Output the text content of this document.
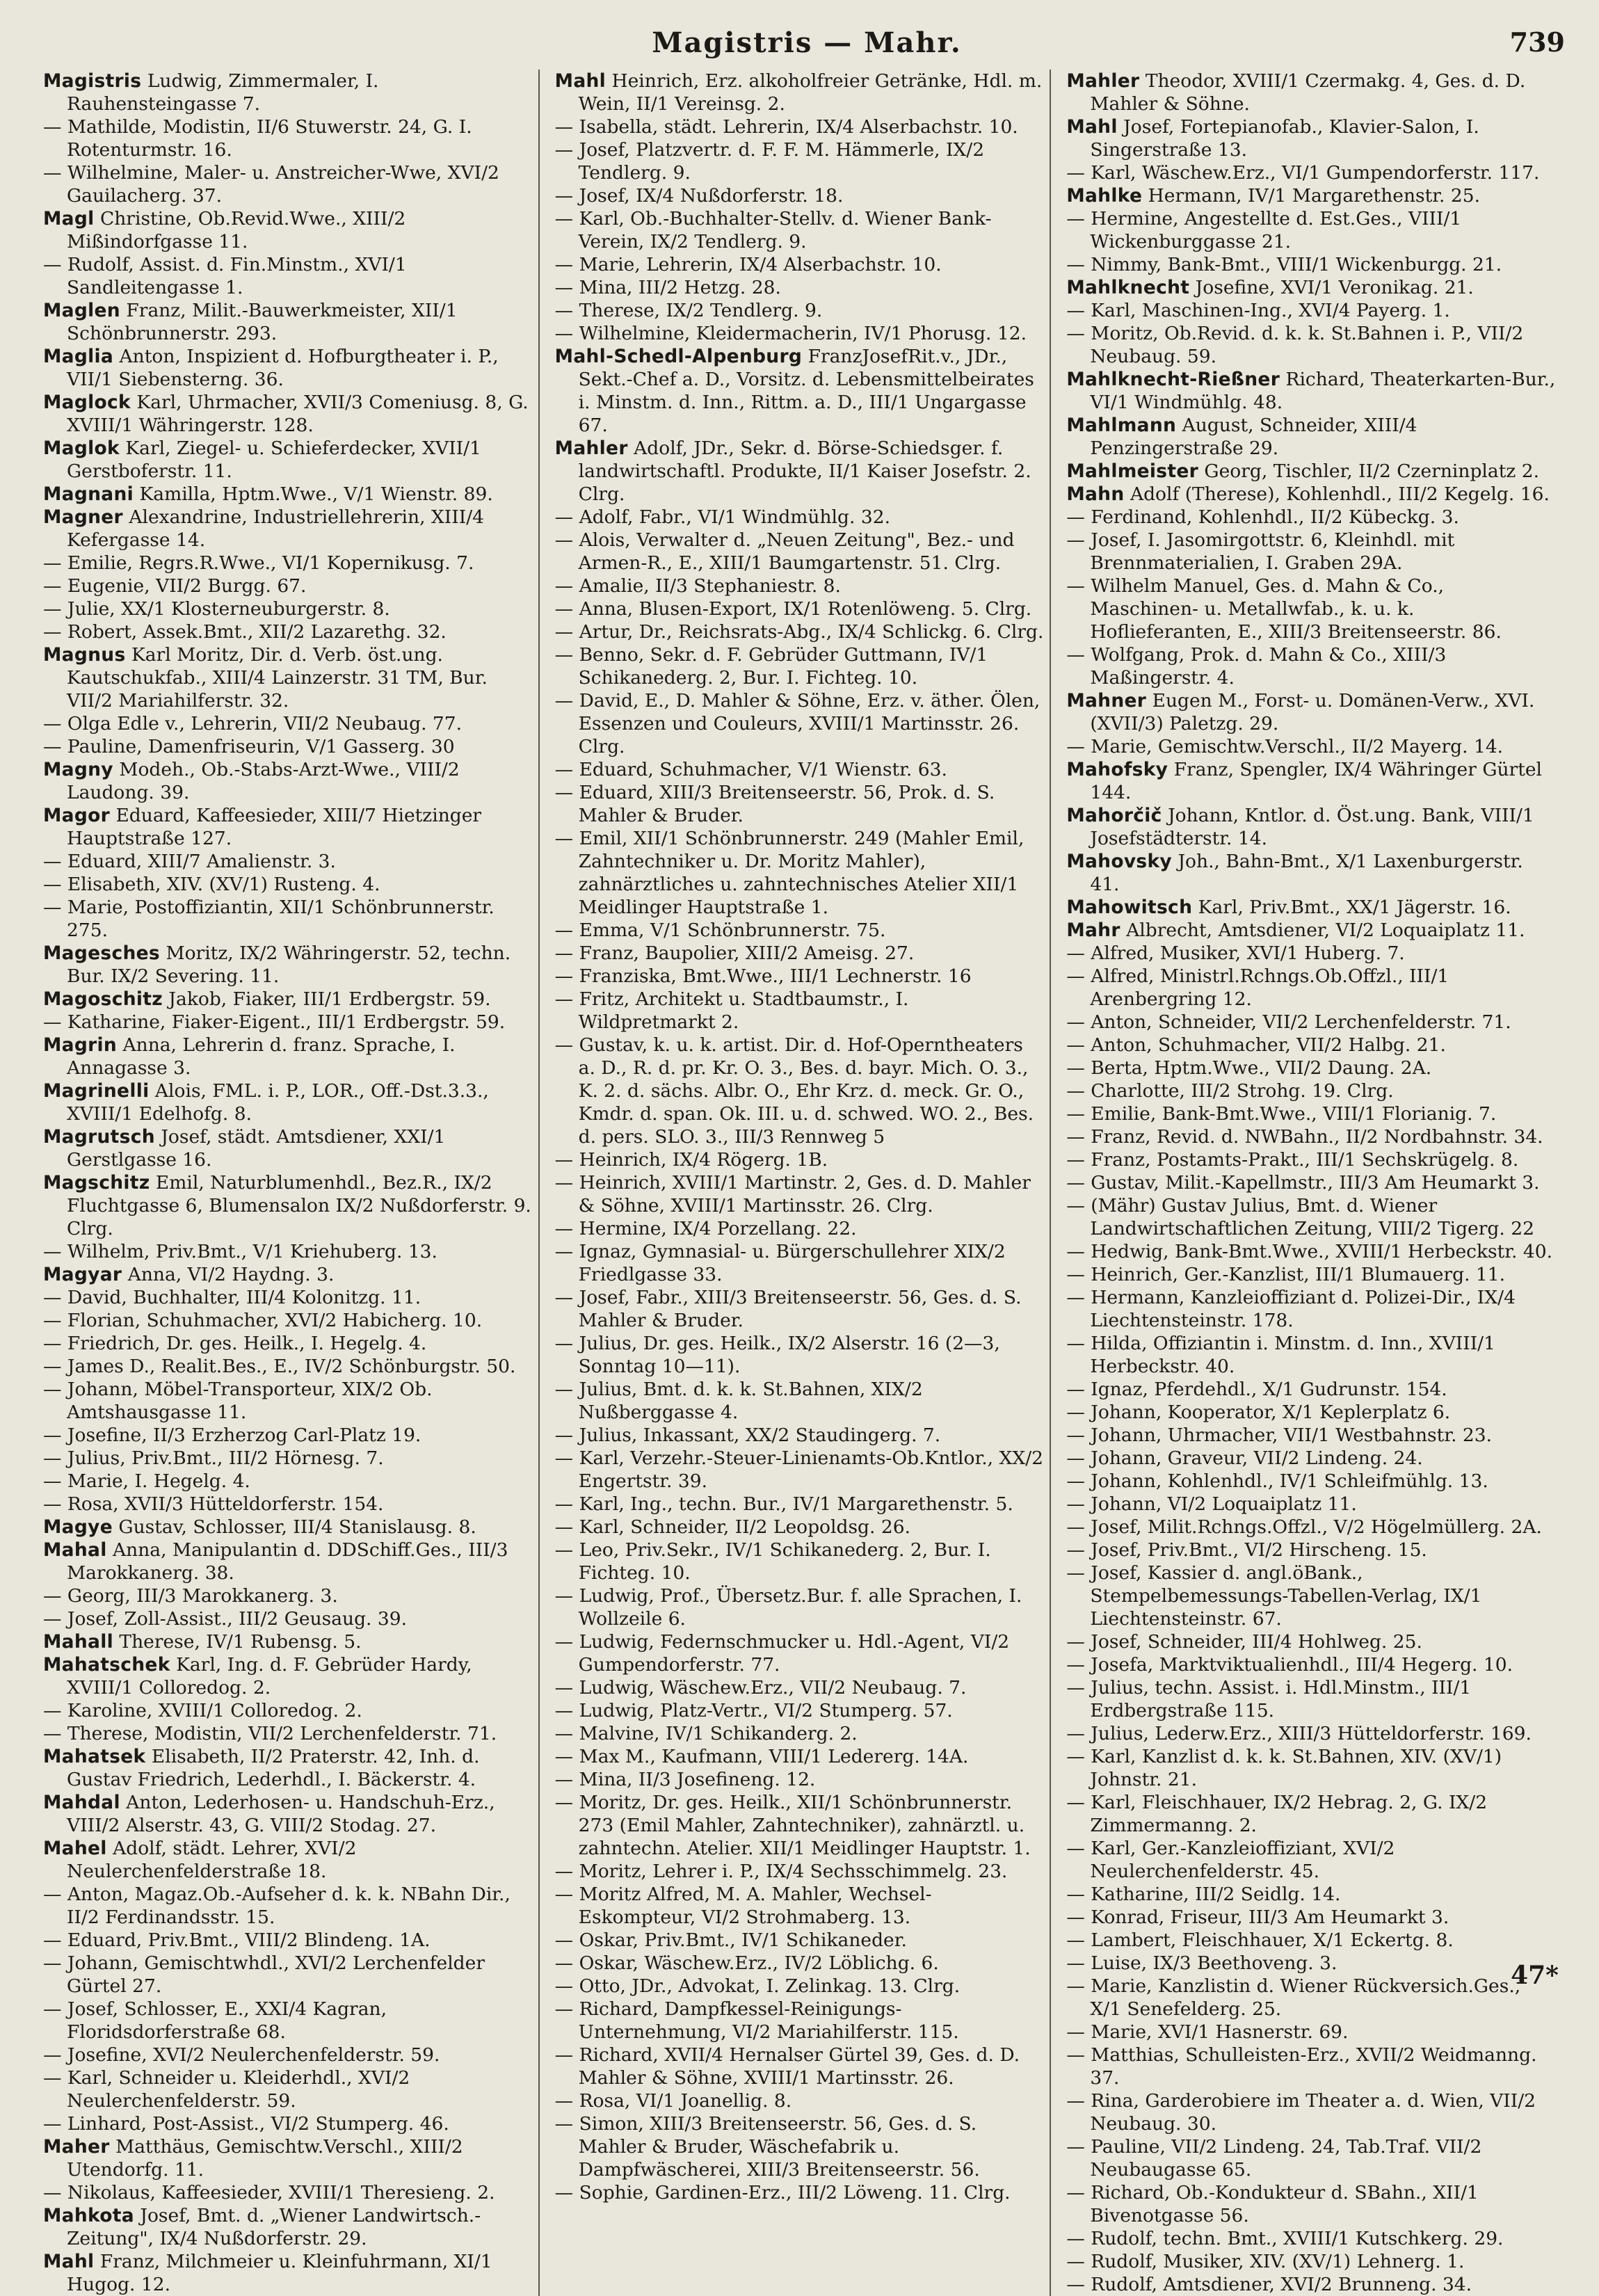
Magistris — Mahr.	739

Magistris Ludwig, Zimmermaler, I. Rauhensteingasse 7.

— Mathilde, Modistin, II/6 Stuwerstr. 24, G. I. Rotenturmstr. 16.

— Wilhelmine, Maler- u. Anstreicher-Wwe, XVI/2 Gauilacherg. 37.

Magl Christine, Ob.Revid.Wwe., XIII/2 Mißindorfgasse 11.

— Rudolf, Assist. d. Fin.Minstm., XVI/1 Sandleitengasse 1.

Maglen Franz, Milit.-Bauwerkmeister, XII/1 Schönbrunnerstr. 293.

Maglia Anton, Inspizient d. Hofburgtheater i. P., VII/1 Siebensterng. 36.

Maglock Karl, Uhrmacher, XVII/3 Comeniusg. 8, G. XVIII/1 Währingerstr. 128.

Maglok Karl, Ziegel- u. Schieferdecker, XVII/1 Gerstboferstr. 11.

Magnani Kamilla, Hptm.Wwe., V/1 Wienstr. 89.

Magner Alexandrine, Industriellehrerin, XIII/4 Kefergasse 14.

— Emilie, Regrs.R.Wwe., VI/1 Kopernikusg. 7.

— Eugenie, VII/2 Burgg. 67.

— Julie, XX/1 Klosterneuburgerstr. 8.

— Robert, Assek.Bmt., XII/2 Lazarethg. 32.

Magnus Karl Moritz, Dir. d. Verb. öst.ung. Kautschukfab., XIII/4 Lainzerstr. 31 TM, Bur. VII/2 Mariahilferstr. 32.

— Olga Edle v., Lehrerin, VII/2 Neubaug. 77.

— Pauline, Damenfriseurin, V/1 Gasserg. 30

Magny Modeh., Ob.-Stabs-Arzt-Wwe., VIII/2 Laudong. 39.

Magor Eduard, Kaffeesieder, XIII/7 Hietzinger Hauptstraße 127.

— Eduard, XIII/7 Amalienstr. 3.

— Elisabeth, XIV. (XV/1) Rusteng. 4.

— Marie, Postoffiziantin, XII/1 Schönbrunnerstr. 275.

Magesches Moritz, IX/2 Währingerstr. 52, techn. Bur. IX/2 Severing. 11.

Magoschitz Jakob, Fiaker, III/1 Erdbergstr. 59.

— Katharine, Fiaker-Eigent., III/1 Erdbergstr. 59.

Magrin Anna, Lehrerin d. franz. Sprache, I. Annagasse 3.

Magrinelli Alois, FML. i. P., LOR., Off.-Dst.3.3., XVIII/1 Edelhofg. 8.

Magrutsch Josef, städt. Amtsdiener, XXI/1 Gerstlgasse 16.

Magschitz Emil, Naturblumenhdl., Bez.R., IX/2 Fluchtgasse 6, Blumensalon IX/2 Nußdorferstr. 9. Clrg.

— Wilhelm, Priv.Bmt., V/1 Kriehuberg. 13.

Magyar Anna, VI/2 Haydng. 3.

— David, Buchhalter, III/4 Kolonitzg. 11.

— Florian, Schuhmacher, XVI/2 Habicherg. 10.

— Friedrich, Dr. ges. Heilk., I. Hegelg. 4.

— James D., Realit.Bes., E., IV/2 Schönburgstr. 50.

— Johann, Möbel-Transporteur, XIX/2 Ob. Amtshausgasse 11.

— Josefine, II/3 Erzherzog Carl-Platz 19.

— Julius, Priv.Bmt., III/2 Hörnesg. 7.

— Marie, I. Hegelg. 4.

— Rosa, XVII/3 Hütteldorferstr. 154.

Magye Gustav, Schlosser, III/4 Stanislausg. 8.

Mahal Anna, Manipulantin d. DDSchiff.Ges., III/3 Marokkanerg. 38.

— Georg, III/3 Marokkanerg. 3.

— Josef, Zoll-Assist., III/2 Geusaug. 39.

Mahall Therese, IV/1 Rubensg. 5.

Mahatschek Karl, Ing. d. F. Gebrüder Hardy, XVIII/1 Colloredog. 2.

— Karoline, XVIII/1 Colloredog. 2.

— Therese, Modistin, VII/2 Lerchenfelderstr. 71.

Mahatsek Elisabeth, II/2 Praterstr. 42, Inh. d. Gustav Friedrich, Lederhdl., I. Bäckerstr. 4.

Mahdal Anton, Lederhosen- u. Handschuh-Erz., VIII/2 Alserstr. 43, G. VIII/2 Stodag. 27.

Mahel Adolf, städt. Lehrer, XVI/2 Neulerchenfelderstraße 18.

— Anton, Magaz.Ob.-Aufseher d. k. k. NBahn Dir., II/2 Ferdinandsstr. 15.

— Eduard, Priv.Bmt., VIII/2 Blindeng. 1A.

— Johann, Gemischtwhdl., XVI/2 Lerchenfelder Gürtel 27.

— Josef, Schlosser, E., XXI/4 Kagran, Floridsdorferstraße 68.

— Josefine, XVI/2 Neulerchenfelderstr. 59.

— Karl, Schneider u. Kleiderhdl., XVI/2 Neulerchenfelderstr. 59.

— Linhard, Post-Assist., VI/2 Stumperg. 46.

Maher Matthäus, Gemischtw.Verschl., XIII/2 Utendorfg. 11.

— Nikolaus, Kaffeesieder, XVIII/1 Theresieng. 2.

Mahkota Josef, Bmt. d. „Wiener Landwirtsch.-Zeitung", IX/4 Nußdorferstr. 29.

Mahl Franz, Milchmeier u. Kleinfuhrmann, XI/1 Hugog. 12.

Mahl Heinrich, Erz. alkoholfreier Getränke, Hdl. m. Wein, II/1 Vereinsg. 2.

— Isabella, städt. Lehrerin, IX/4 Alserbachstr. 10.

— Josef, Platzvertr. d. F. F. M. Hämmerle, IX/2 Tendlerg. 9.

— Josef, IX/4 Nußdorferstr. 18.

— Karl, Ob.-Buchhalter-Stellv. d. Wiener Bank-Verein, IX/2 Tendlerg. 9.

— Marie, Lehrerin, IX/4 Alserbachstr. 10.

— Mina, III/2 Hetzg. 28.

— Therese, IX/2 Tendlerg. 9.

— Wilhelmine, Kleidermacherin, IV/1 Phorusg. 12.

Mahl-Schedl-Alpenburg FranzJosefRit.v., JDr., Sekt.-Chef a. D., Vorsitz. d. Lebensmittelbeirates i. Minstm. d. Inn., Rittm. a. D., III/1 Ungargasse 67.

Mahler Adolf, JDr., Sekr. d. Börse-Schiedsger. f. landwirtschaftl. Produkte, II/1 Kaiser Josefstr. 2. Clrg.

— Adolf, Fabr., VI/1 Windmühlg. 32.

— Alois, Verwalter d. „Neuen Zeitung", Bez.- und Armen-R., E., XIII/1 Baumgartenstr. 51. Clrg.

— Amalie, II/3 Stephaniestr. 8.

— Anna, Blusen-Export, IX/1 Rotenlöweng. 5. Clrg.

— Artur, Dr., Reichsrats-Abg., IX/4 Schlickg. 6. Clrg.

— Benno, Sekr. d. F. Gebrüder Guttmann, IV/1 Schikanederg. 2, Bur. I. Fichteg. 10.

— David, E., D. Mahler & Söhne, Erz. v. äther. Ölen, Essenzen und Couleurs, XVIII/1 Martinsstr. 26. Clrg.

— Eduard, Schuhmacher, V/1 Wienstr. 63.

— Eduard, XIII/3 Breitenseerstr. 56, Prok. d. S. Mahler & Bruder.

— Emil, XII/1 Schönbrunnerstr. 249 (Mahler Emil, Zahntechniker u. Dr. Moritz Mahler), zahnärztliches u. zahntechnisches Atelier XII/1 Meidlinger Hauptstraße 1.

— Emma, V/1 Schönbrunnerstr. 75.

— Franz, Baupolier, XIII/2 Ameisg. 27.

— Franziska, Bmt.Wwe., III/1 Lechnerstr. 16

— Fritz, Architekt u. Stadtbaumstr., I. Wildpretmarkt 2.

— Gustav, k. u. k. artist. Dir. d. Hof-Operntheaters a. D., R. d. pr. Kr. O. 3., Bes. d. bayr. Mich. O. 3., K. 2. d. sächs. Albr. O., Ehr Krz. d. meck. Gr. O., Kmdr. d. span. Ok. III. u. d. schwed. WO. 2., Bes. d. pers. SLO. 3., III/3 Rennweg 5

— Heinrich, IX/4 Rögerg. 1B.

— Heinrich, XVIII/1 Martinstr. 2, Ges. d. D. Mahler & Söhne, XVIII/1 Martinsstr. 26. Clrg.

— Hermine, IX/4 Porzellang. 22.

— Ignaz, Gymnasial- u. Bürgerschullehrer XIX/2 Friedlgasse 33.

— Josef, Fabr., XIII/3 Breitenseerstr. 56, Ges. d. S. Mahler & Bruder.

— Julius, Dr. ges. Heilk., IX/2 Alserstr. 16 (2—3, Sonntag 10—11).

— Julius, Bmt. d. k. k. St.Bahnen, XIX/2 Nußberggasse 4.

— Julius, Inkassant, XX/2 Staudingerg. 7.

— Karl, Verzehr.-Steuer-Linienamts-Ob.Kntlor., XX/2 Engertstr. 39.

— Karl, Ing., techn. Bur., IV/1 Margarethenstr. 5.

— Karl, Schneider, II/2 Leopoldsg. 26.

— Leo, Priv.Sekr., IV/1 Schikanederg. 2, Bur. I. Fichteg. 10.

— Ludwig, Prof., Übersetz.Bur. f. alle Sprachen, I. Wollzeile 6.

— Ludwig, Federnschmucker u. Hdl.-Agent, VI/2 Gumpendorferstr. 77.

— Ludwig, Wäschew.Erz., VII/2 Neubaug. 7.

— Ludwig, Platz-Vertr., VI/2 Stumperg. 57.

— Malvine, IV/1 Schikanderg. 2.

— Max M., Kaufmann, VIII/1 Ledererg. 14A.

— Mina, II/3 Josefineng. 12.

— Moritz, Dr. ges. Heilk., XII/1 Schönbrunnerstr. 273 (Emil Mahler, Zahntechniker), zahnärztl. u. zahntechn. Atelier. XII/1 Meidlinger Hauptstr. 1.

— Moritz, Lehrer i. P., IX/4 Sechsschimmelg. 23.

— Moritz Alfred, M. A. Mahler, Wechsel-Eskompteur, VI/2 Strohmaberg. 13.

— Oskar, Priv.Bmt., IV/1 Schikaneder.

— Oskar, Wäschew.Erz., IV/2 Löblichg. 6.

— Otto, JDr., Advokat, I. Zelinkag. 13. Clrg.

— Richard, Dampfkessel-Reinigungs-Unternehmung, VI/2 Mariahilferstr. 115.

— Richard, XVII/4 Hernalser Gürtel 39, Ges. d. D. Mahler & Söhne, XVIII/1 Martinsstr. 26.

— Rosa, VI/1 Joanellig. 8.

— Simon, XIII/3 Breitenseerstr. 56, Ges. d. S. Mahler & Bruder, Wäschefabrik u. Dampfwäscherei, XIII/3 Breitenseerstr. 56.

— Sophie, Gardinen-Erz., III/2 Löweng. 11. Clrg.

Mahler Theodor, XVIII/1 Czermakg. 4, Ges. d. D. Mahler & Söhne.

Mahl Josef, Fortepianofab., Klavier-Salon, I. Singerstraße 13.

— Karl, Wäschew.Erz., VI/1 Gumpendorferstr. 117.

Mahlke Hermann, IV/1 Margarethenstr. 25.

— Hermine, Angestellte d. Est.Ges., VIII/1 Wickenburggasse 21.

— Nimmy, Bank-Bmt., VIII/1 Wickenburgg. 21.

Mahlknecht Josefine, XVI/1 Veronikag. 21.

— Karl, Maschinen-Ing., XVI/4 Payerg. 1.

— Moritz, Ob.Revid. d. k. k. St.Bahnen i. P., VII/2 Neubaug. 59.

Mahlknecht-Rießner Richard, Theaterkarten-Bur., VI/1 Windmühlg. 48.

Mahlmann August, Schneider, XIII/4 Penzingerstraße 29.

Mahlmeister Georg, Tischler, II/2 Czerninplatz 2.

Mahn Adolf (Therese), Kohlenhdl., III/2 Kegelg. 16.

— Ferdinand, Kohlenhdl., II/2 Kübeckg. 3.

— Josef, I. Jasomirgottstr. 6, Kleinhdl. mit Brennmaterialien, I. Graben 29A.

— Wilhelm Manuel, Ges. d. Mahn & Co., Maschinen- u. Metallwfab., k. u. k. Hoflieferanten, E., XIII/3 Breitenseerstr. 86.

— Wolfgang, Prok. d. Mahn & Co., XIII/3 Maßingerstr. 4.

Mahner Eugen M., Forst- u. Domänen-Verw., XVI. (XVII/3) Paletzg. 29.

— Marie, Gemischtw.Verschl., II/2 Mayerg. 14.

Mahofsky Franz, Spengler, IX/4 Währinger Gürtel 144.

Mahorčič Johann, Kntlor. d. Öst.ung. Bank, VIII/1 Josefstädterstr. 14.

Mahovsky Joh., Bahn-Bmt., X/1 Laxenburgerstr. 41.

Mahowitsch Karl, Priv.Bmt., XX/1 Jägerstr. 16.

Mahr Albrecht, Amtsdiener, VI/2 Loquaiplatz 11.

— Alfred, Musiker, XVI/1 Huberg. 7.

— Alfred, Ministrl.Rchngs.Ob.Offzl., III/1 Arenbergring 12.

— Anton, Schneider, VII/2 Lerchenfelderstr. 71.

— Anton, Schuhmacher, VII/2 Halbg. 21.

— Berta, Hptm.Wwe., VII/2 Daung. 2A.

— Charlotte, III/2 Strohg. 19. Clrg.

— Emilie, Bank-Bmt.Wwe., VIII/1 Florianig. 7.

— Franz, Revid. d. NWBahn., II/2 Nordbahnstr. 34.

— Franz, Postamts-Prakt., III/1 Sechskrügelg. 8.

— Gustav, Milit.-Kapellmstr., III/3 Am Heumarkt 3.

— (Mähr) Gustav Julius, Bmt. d. Wiener Landwirtschaftlichen Zeitung, VIII/2 Tigerg. 22

— Hedwig, Bank-Bmt.Wwe., XVIII/1 Herbeckstr. 40.

— Heinrich, Ger.-Kanzlist, III/1 Blumauerg. 11.

— Hermann, Kanzleioffiziant d. Polizei-Dir., IX/4 Liechtensteinstr. 178.

— Hilda, Offiziantin i. Minstm. d. Inn., XVIII/1 Herbeckstr. 40.

— Ignaz, Pferdehdl., X/1 Gudrunstr. 154.

— Johann, Kooperator, X/1 Keplerplatz 6.

— Johann, Uhrmacher, VII/1 Westbahnstr. 23.

— Johann, Graveur, VII/2 Lindeng. 24.

— Johann, Kohlenhdl., IV/1 Schleifmühlg. 13.

— Johann, VI/2 Loquaiplatz 11.

— Josef, Milit.Rchngs.Offzl., V/2 Högelmüllerg. 2A.

— Josef, Priv.Bmt., VI/2 Hirscheng. 15.

— Josef, Kassier d. angl.öBank., Stempelbemessungs-Tabellen-Verlag, IX/1 Liechtensteinstr. 67.

— Josef, Schneider, III/4 Hohlweg. 25.

— Josefa, Marktviktualienhdl., III/4 Hegerg. 10.

— Julius, techn. Assist. i. Hdl.Minstm., III/1 Erdbergstraße 115.

— Julius, Lederw.Erz., XIII/3 Hütteldorferstr. 169.

— Karl, Kanzlist d. k. k. St.Bahnen, XIV. (XV/1) Johnstr. 21.

— Karl, Fleischhauer, IX/2 Hebrag. 2, G. IX/2 Zimmermanng. 2.

— Karl, Ger.-Kanzleioffiziant, XVI/2 Neulerchenfelderstr. 45.

— Katharine, III/2 Seidlg. 14.

— Konrad, Friseur, III/3 Am Heumarkt 3.

— Lambert, Fleischhauer, X/1 Eckertg. 8.

— Luise, IX/3 Beethoveng. 3.

— Marie, Kanzlistin d. Wiener Rückversich.Ges., X/1 Senefelderg. 25.

— Marie, XVI/1 Hasnerstr. 69.

— Matthias, Schulleisten-Erz., XVII/2 Weidmanng. 37.

— Rina, Garderobiere im Theater a. d. Wien, VII/2 Neubaug. 30.

— Pauline, VII/2 Lindeng. 24, Tab.Traf. VII/2 Neubaugasse 65.

— Richard, Ob.-Kondukteur d. SBahn., XII/1 Bivenotgasse 56.

— Rudolf, techn. Bmt., XVIII/1 Kutschkerg. 29.

— Rudolf, Musiker, XIV. (XV/1) Lehnerg. 1.

— Rudolf, Amtsdiener, XVI/2 Brunneng. 34.

47*
